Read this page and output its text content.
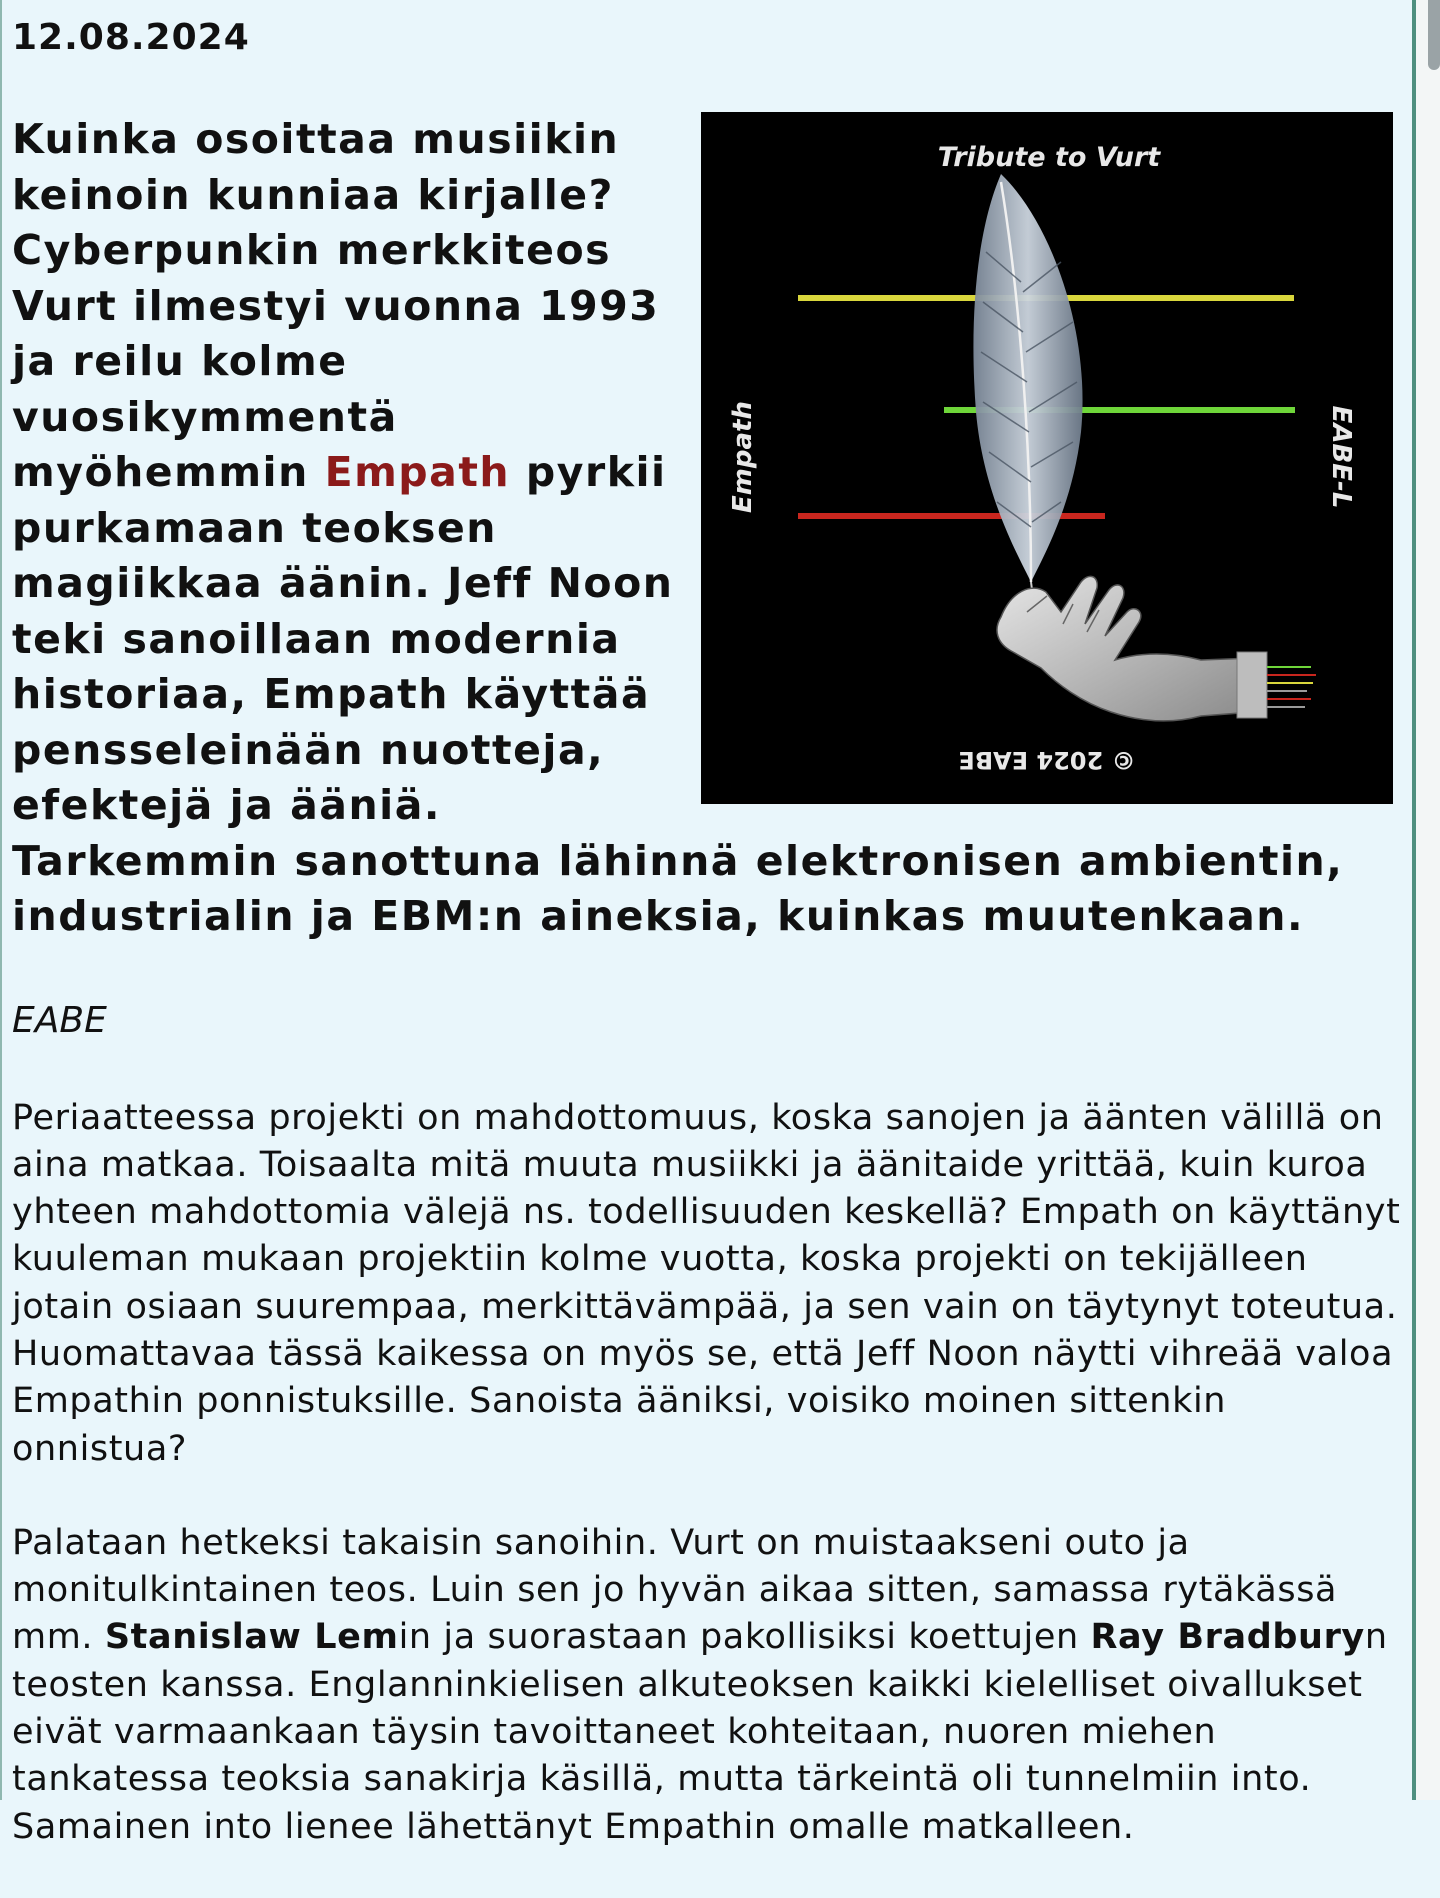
12.08.2024
Tribute to Vurt
Empath	EABE-L
© 2024 EABE

Kuinka osoittaa musiikin keinoin kunniaa kirjalle? Cyberpunkin merkkiteos Vurt ilmestyi vuonna 1993 ja reilu kolme vuosikymmentä myöhemmin Empath pyrkii purkamaan teoksen magiikkaa äänin. Jeff Noon teki sanoillaan modernia historiaa, Empath käyttää pensseleinään nuotteja, efektejä ja ääniä. Tarkemmin sanottuna lähinnä elektronisen ambientin, industrialin ja EBM:n aineksia, kuinkas muutenkaan.

EABE

Periaatteessa projekti on mahdottomuus, koska sanojen ja äänten välillä on aina matkaa. Toisaalta mitä muuta musiikki ja äänitaide yrittää, kuin kuroa yhteen mahdottomia välejä ns. todellisuuden keskellä? Empath on käyttänyt kuuleman mukaan projektiin kolme vuotta, koska projekti on tekijälleen jotain osiaan suurempaa, merkittävämpää, ja sen vain on täytynyt toteutua. Huomattavaa tässä kaikessa on myös se, että Jeff Noon näytti vihreää valoa Empathin ponnistuksille. Sanoista ääniksi, voisiko moinen sittenkin onnistua?

Palataan hetkeksi takaisin sanoihin. Vurt on muistaakseni outo ja monitulkintainen teos. Luin sen jo hyvän aikaa sitten, samassa rytäkässä mm. Stanislaw Lemin ja suorastaan pakollisiksi koettujen Ray Bradburyn teosten kanssa. Englanninkielisen alkuteoksen kaikki kielelliset oivallukset eivät varmaankaan täysin tavoittaneet kohteitaan, nuoren miehen tankatessa teoksia sanakirja käsillä, mutta tärkeintä oli tunnelmiin into. Samainen into lienee lähettänyt Empathin omalle matkalleen.
